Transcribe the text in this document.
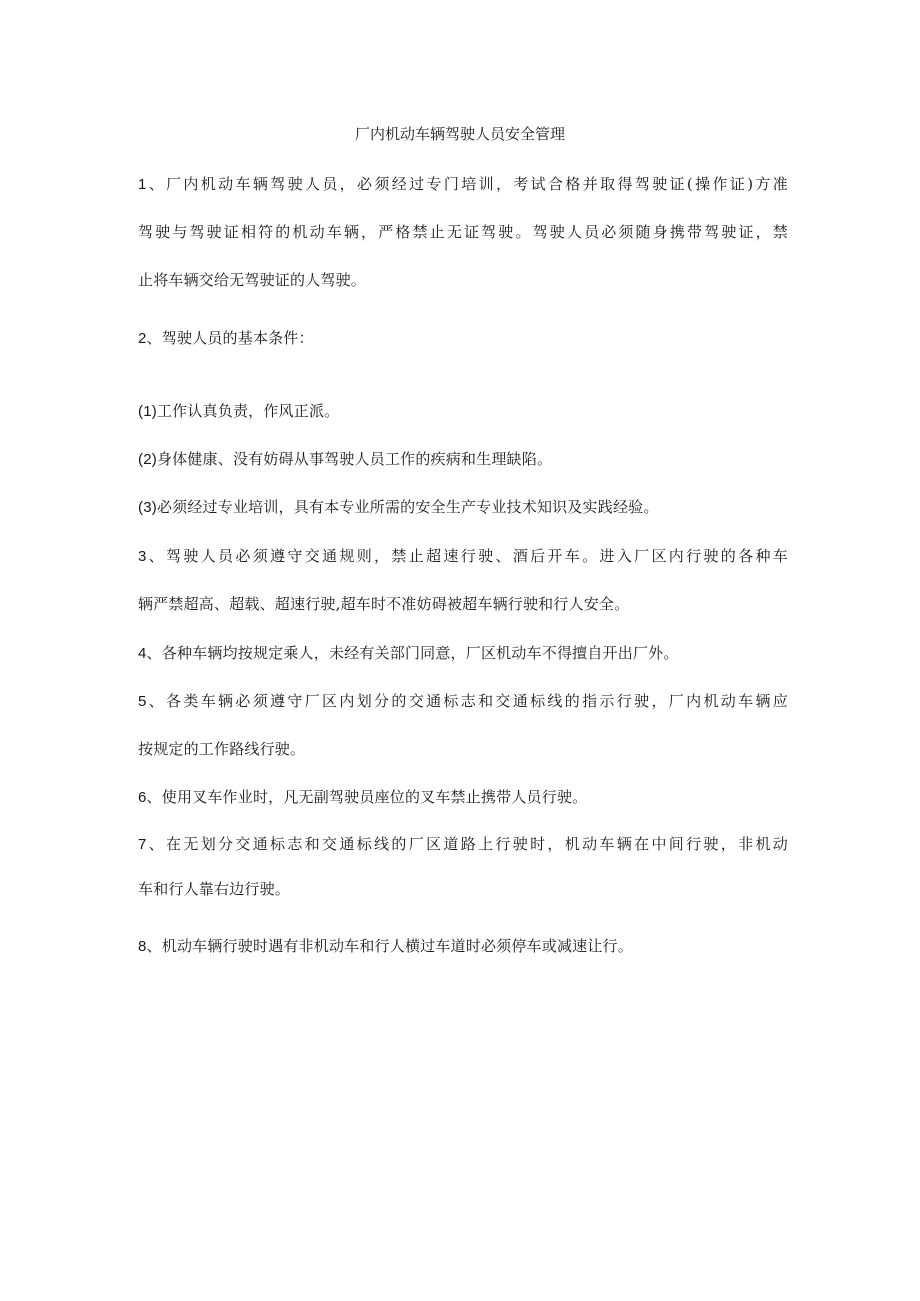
厂内机动车辆驾驶人员安全管理
1、厂内机动车辆驾驶人员，必须经过专门培训，考试合格并取得驾驶证(操作证)方准
驾驶与驾驶证相符的机动车辆，严格禁止无证驾驶。驾驶人员必须随身携带驾驶证，禁
止将车辆交给无驾驶证的人驾驶。
2、驾驶人员的基本条件：
(1)工作认真负责，作风正派。
(2)身体健康、没有妨碍从事驾驶人员工作的疾病和生理缺陷。
(3)必须经过专业培训，具有本专业所需的安全生产专业技术知识及实践经验。
3、驾驶人员必须遵守交通规则，禁止超速行驶、酒后开车。进入厂区内行驶的各种车
辆严禁超高、超载、超速行驶,超车时不准妨碍被超车辆行驶和行人安全。
4、各种车辆均按规定乘人，未经有关部门同意，厂区机动车不得擅自开出厂外。
5、各类车辆必须遵守厂区内划分的交通标志和交通标线的指示行驶，厂内机动车辆应
按规定的工作路线行驶。
6、使用叉车作业时，凡无副驾驶员座位的叉车禁止携带人员行驶。
7、在无划分交通标志和交通标线的厂区道路上行驶时，机动车辆在中间行驶，非机动
车和行人靠右边行驶。
8、机动车辆行驶时遇有非机动车和行人横过车道时必须停车或减速让行。
